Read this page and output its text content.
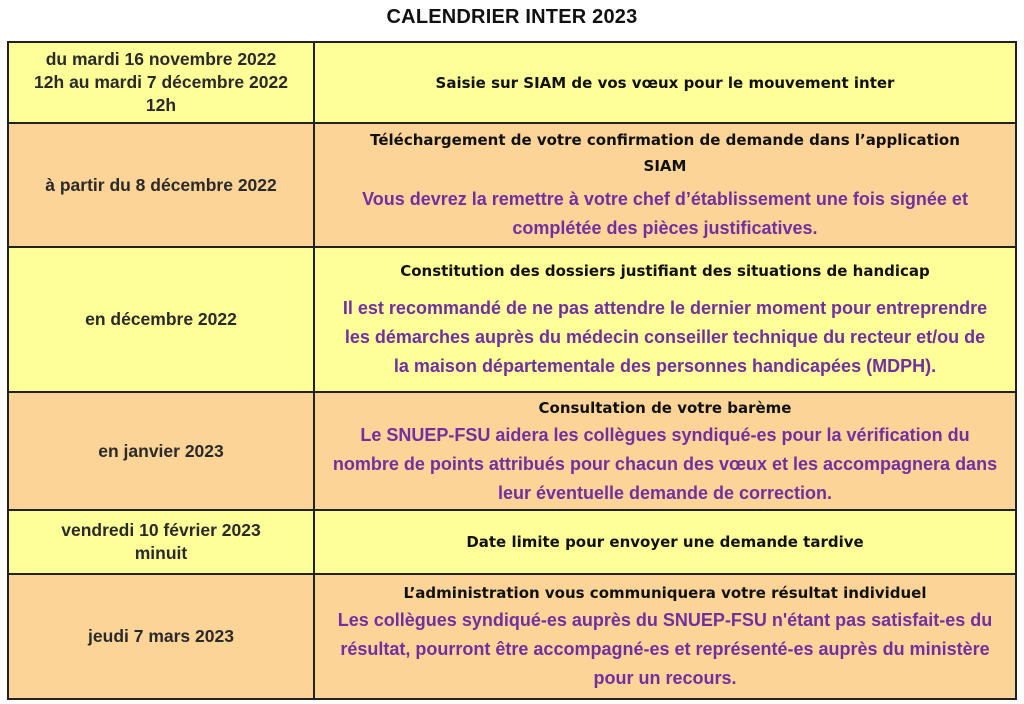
CALENDRIER INTER 2023
du mardi 16 novembre 2022
12h au mardi 7 décembre 2022
12h	Saisie sur SIAM de vos vœux pour le mouvement inter

à partir du 8 décembre 2022	Téléchargement de votre confirmation de demande dans l’application
SIAM
Vous devrez la remettre à votre chef d’établissement une fois signée et
complétée des pièces justificatives.

en décembre 2022	Constitution des dossiers justifiant des situations de handicap
Il est recommandé de ne pas attendre le dernier moment pour entreprendre
les démarches auprès du médecin conseiller technique du recteur et/ou de
la maison départementale des personnes handicapées (MDPH).

en janvier 2023	Consultation de votre barème
Le SNUEP-FSU aidera les collègues syndiqué-es pour la vérification du
nombre de points attribués pour chacun des vœux et les accompagnera dans
leur éventuelle demande de correction.

vendredi 10 février 2023
minuit	Date limite pour envoyer une demande tardive

jeudi 7 mars 2023	L’administration vous communiquera votre résultat individuel
Les collègues syndiqué-es auprès du SNUEP-FSU n'étant pas satisfait-es du
résultat, pourront être accompagné-es et représenté-es auprès du ministère
pour un recours.
